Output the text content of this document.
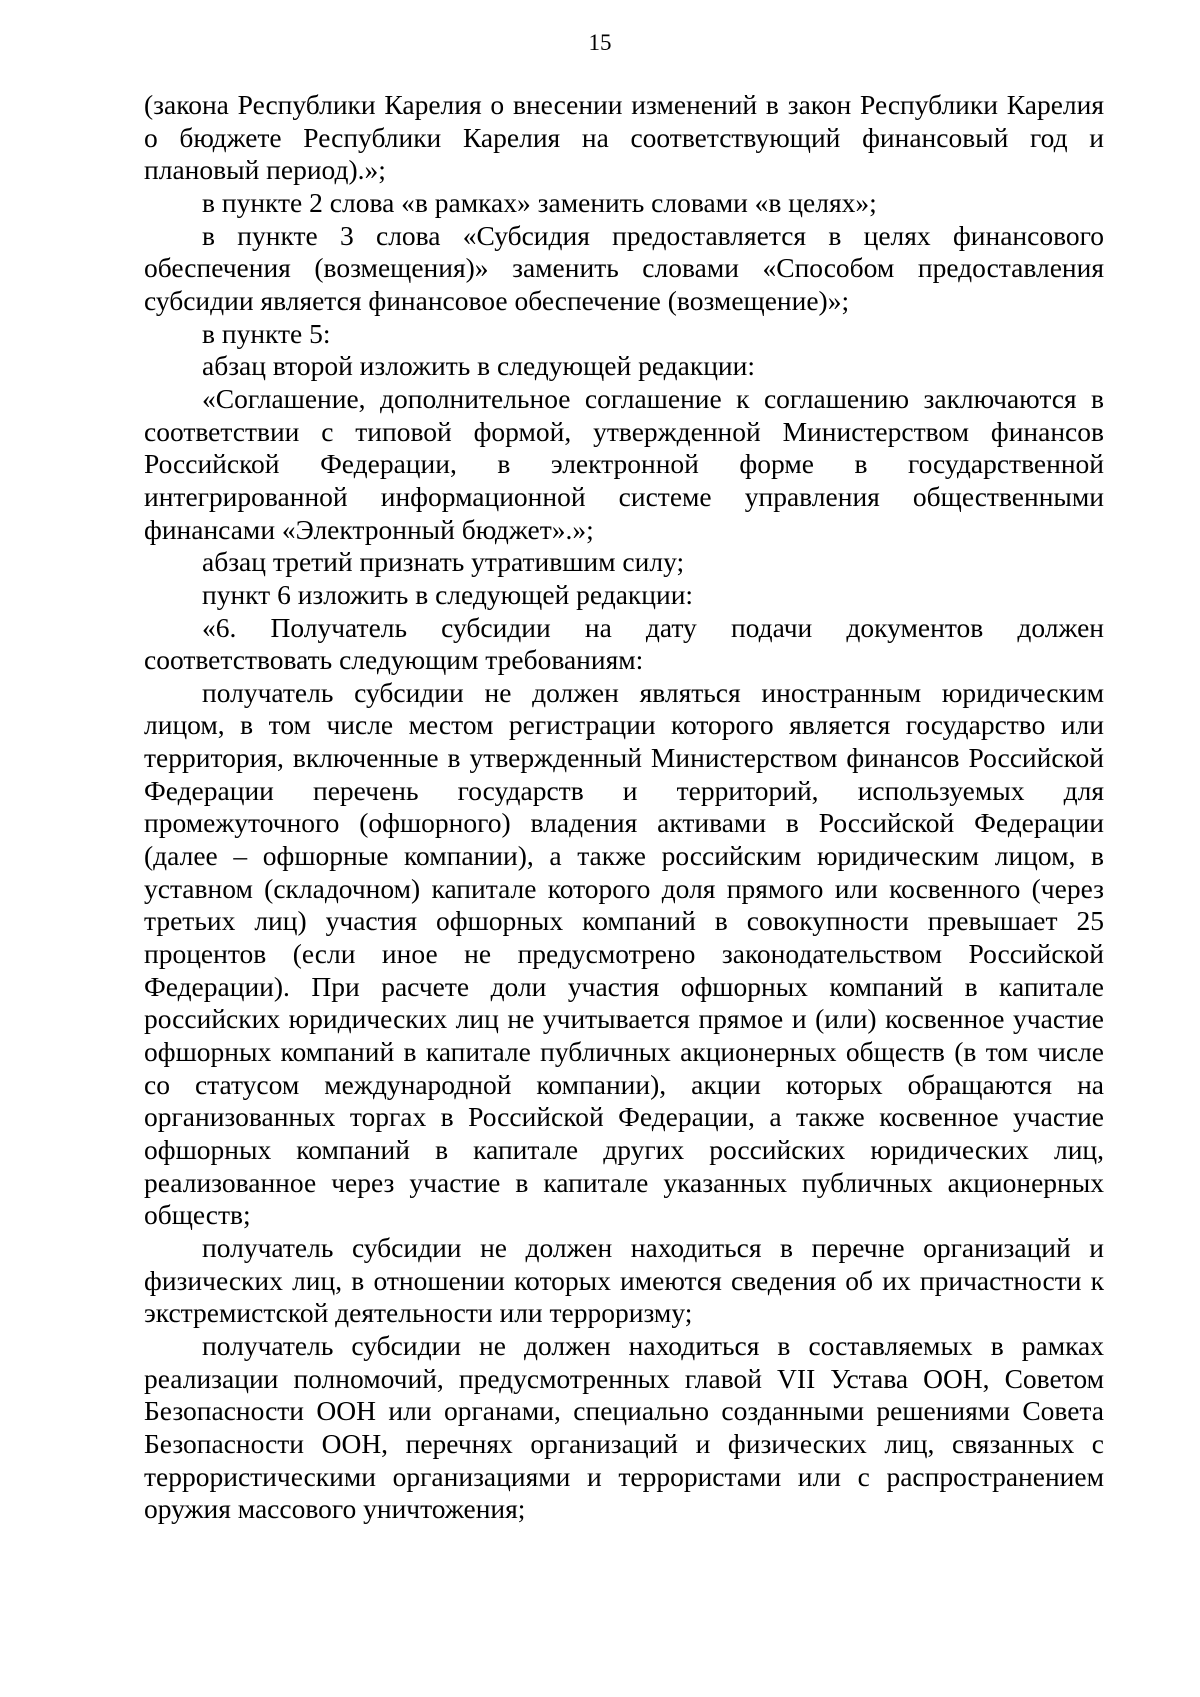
15

(закона Республики Карелия о внесении изменений в закон Республики Карелия о бюджете Республики Карелия на соответствующий финансовый год и плановый период).»;

в пункте 2 слова «в рамках» заменить словами «в целях»;

в пункте 3 слова «Субсидия предоставляется в целях финансового обеспечения (возмещения)» заменить словами «Способом предоставления субсидии является финансовое обеспечение (возмещение)»;

в пункте 5:

абзац второй изложить в следующей редакции:

«Соглашение, дополнительное соглашение к соглашению заключаются в соответствии с типовой формой, утвержденной Министерством финансов Российской Федерации, в электронной форме в государственной интегрированной информационной системе управления общественными финансами «Электронный бюджет».»;

абзац третий признать утратившим силу;

пункт 6 изложить в следующей редакции:

«6. Получатель субсидии на дату подачи документов должен соответствовать следующим требованиям:

получатель субсидии не должен являться иностранным юридическим лицом, в том числе местом регистрации которого является государство или территория, включенные в утвержденный Министерством финансов Российской Федерации перечень государств и территорий, используемых для промежуточного (офшорного) владения активами в Российской Федерации (далее – офшорные компании), а также российским юридическим лицом, в уставном (складочном) капитале которого доля прямого или косвенного (через третьих лиц) участия офшорных компаний в совокупности превышает 25 процентов (если иное не предусмотрено законодательством Российской Федерации). При расчете доли участия офшорных компаний в капитале российских юридических лиц не учитывается прямое и (или) косвенное участие офшорных компаний в капитале публичных акционерных обществ (в том числе со статусом международной компании), акции которых обращаются на организованных торгах в Российской Федерации, а также косвенное участие офшорных компаний в капитале других российских юридических лиц, реализованное через участие в капитале указанных публичных акционерных обществ;

получатель субсидии не должен находиться в перечне организаций и физических лиц, в отношении которых имеются сведения об их причастности к экстремистской деятельности или терроризму;

получатель субсидии не должен находиться в составляемых в рамках реализации полномочий, предусмотренных главой VII Устава ООН, Советом Безопасности ООН или органами, специально созданными решениями Совета Безопасности ООН, перечнях организаций и физических лиц, связанных с террористическими организациями и террористами или с распространением оружия массового уничтожения;
